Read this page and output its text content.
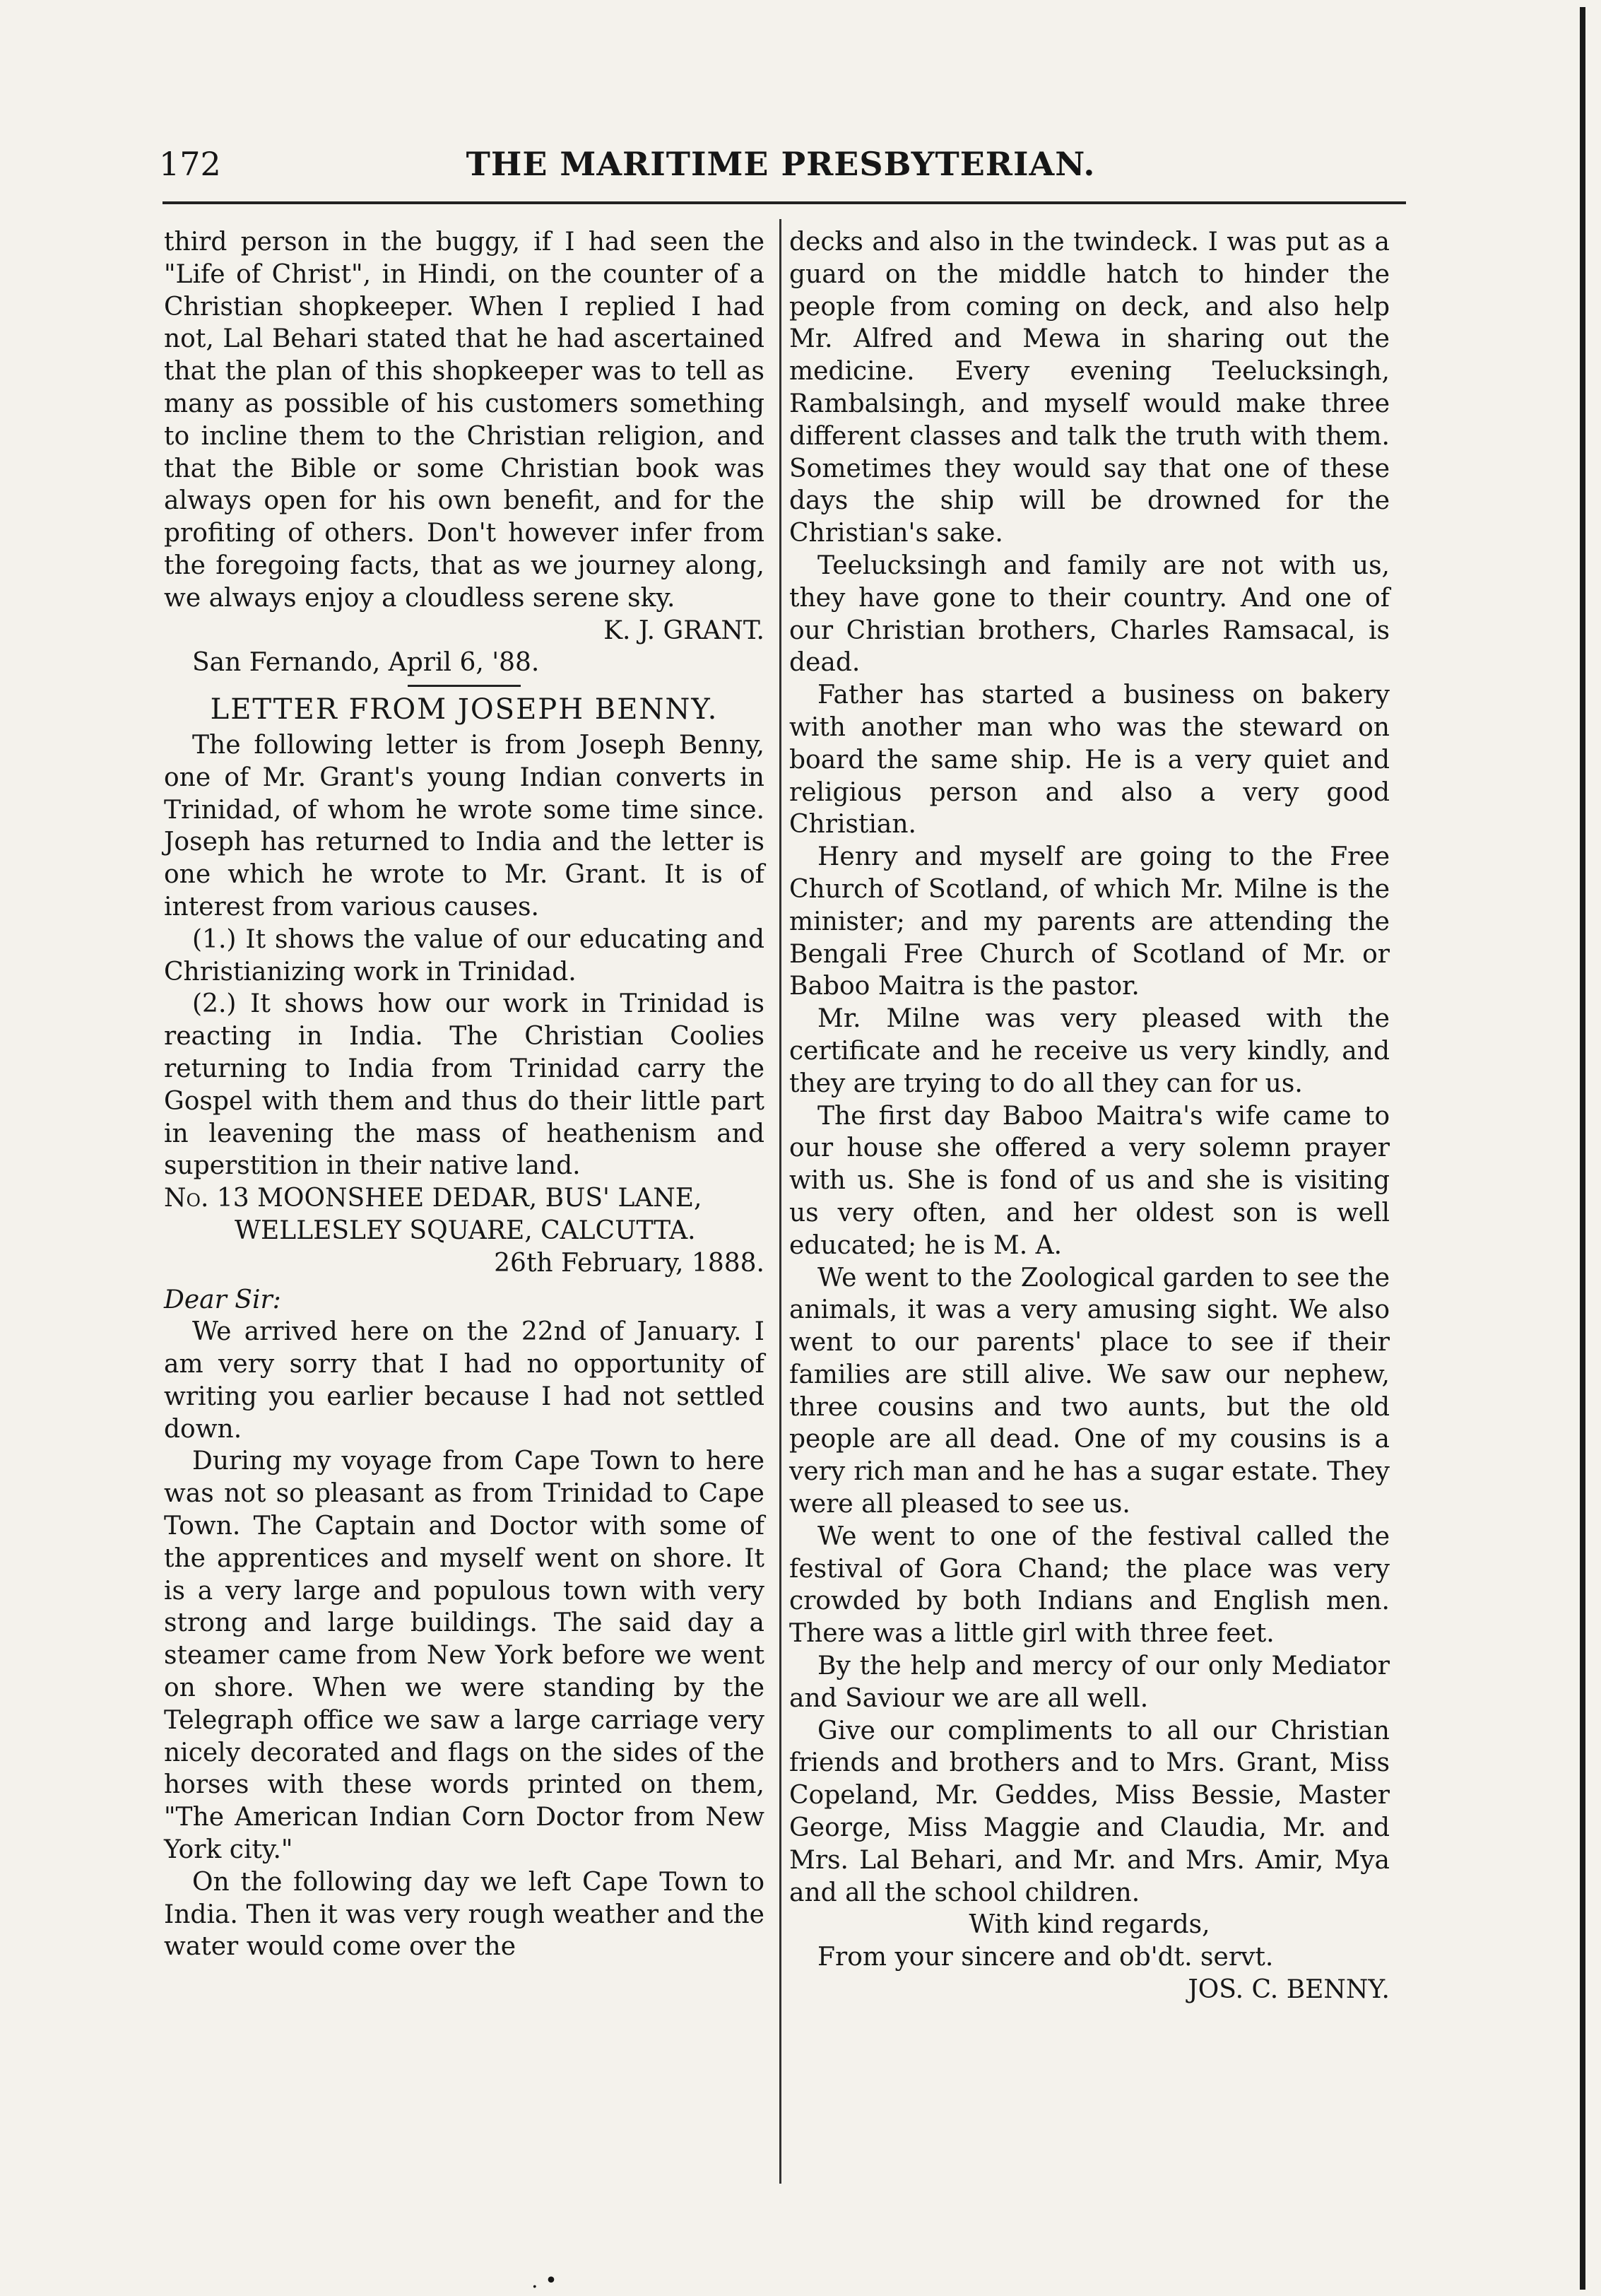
THE MARITIME PRESBYTERIAN.
172

third person in the buggy, if I had seen the "Life of Christ", in Hindi, on the counter of a Christian shopkeeper. When I replied I had not, Lal Behari stated that he had ascertained that the plan of this shopkeeper was to tell as many as possible of his customers something to incline them to the Christian religion, and that the Bible or some Christian book was always open for his own benefit, and for the profiting of others. Don't however infer from the foregoing facts, that as we journey along, we always enjoy a cloudless serene sky.

K. J. GRANT.

San Fernando, April 6, '88.

LETTER FROM JOSEPH BENNY.

The following letter is from Joseph Benny, one of Mr. Grant's young Indian converts in Trinidad, of whom he wrote some time since. Joseph has returned to India and the letter is one which he wrote to Mr. Grant. It is of interest from various causes.

(1.) It shows the value of our educating and Christianizing work in Trinidad.

(2.) It shows how our work in Trinidad is reacting in India. The Christian Coolies returning to India from Trinidad carry the Gospel with them and thus do their little part in leavening the mass of heathenism and superstition in their native land.

No. 13 MOONSHEE DEDAR, BUS' LANE,

WELLESLEY SQUARE, CALCUTTA.

26th February, 1888.

Dear Sir:

We arrived here on the 22nd of January. I am very sorry that I had no opportunity of writing you earlier because I had not settled down.

During my voyage from Cape Town to here was not so pleasant as from Trinidad to Cape Town. The Captain and Doctor with some of the apprentices and myself went on shore. It is a very large and populous town with very strong and large buildings. The said day a steamer came from New York before we went on shore. When we were standing by the Telegraph office we saw a large carriage very nicely decorated and flags on the sides of the horses with these words printed on them, "The American Indian Corn Doctor from New York city."

On the following day we left Cape Town to India. Then it was very rough weather and the water would come over the

decks and also in the twindeck. I was put as a guard on the middle hatch to hinder the people from coming on deck, and also help Mr. Alfred and Mewa in sharing out the medicine. Every evening Teelucksingh, Rambalsingh, and myself would make three different classes and talk the truth with them. Sometimes they would say that one of these days the ship will be drowned for the Christian's sake.

Teelucksingh and family are not with us, they have gone to their country. And one of our Christian brothers, Charles Ramsacal, is dead.

Father has started a business on bakery with another man who was the steward on board the same ship. He is a very quiet and religious person and also a very good Christian.

Henry and myself are going to the Free Church of Scotland, of which Mr. Milne is the minister; and my parents are attending the Bengali Free Church of Scotland of Mr. or Baboo Maitra is the pastor.

Mr. Milne was very pleased with the certificate and he receive us very kindly, and they are trying to do all they can for us.

The first day Baboo Maitra's wife came to our house she offered a very solemn prayer with us. She is fond of us and she is visiting us very often, and her oldest son is well educated; he is M. A.

We went to the Zoological garden to see the animals, it was a very amusing sight. We also went to our parents' place to see if their families are still alive. We saw our nephew, three cousins and two aunts, but the old people are all dead. One of my cousins is a very rich man and he has a sugar estate. They were all pleased to see us.

We went to one of the festival called the festival of Gora Chand; the place was very crowded by both Indians and English men. There was a little girl with three feet.

By the help and mercy of our only Mediator and Saviour we are all well.

Give our compliments to all our Christian friends and brothers and to Mrs. Grant, Miss Copeland, Mr. Geddes, Miss Bessie, Master George, Miss Maggie and Claudia, Mr. and Mrs. Lal Behari, and Mr. and Mrs. Amir, Mya and all the school children.

With kind regards,

From your sincere and ob'dt. servt.

JOS. C. BENNY.

. •
